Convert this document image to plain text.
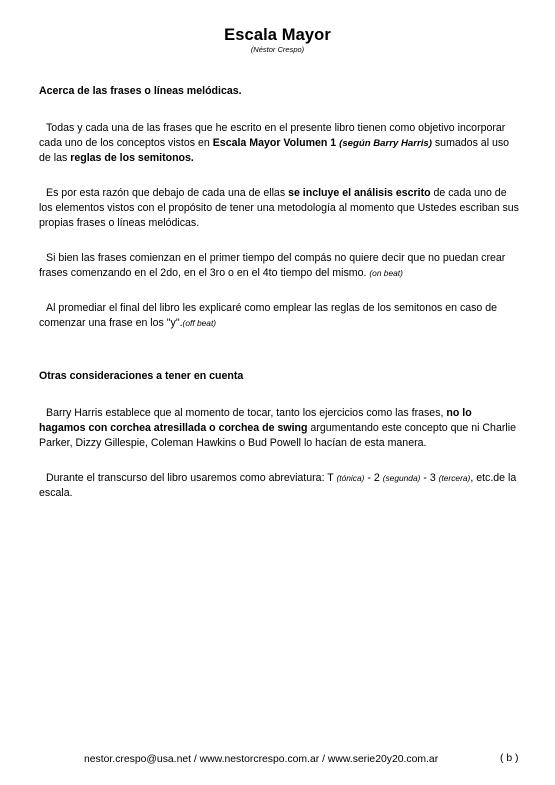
Escala Mayor
(Néstor Crespo)

Acerca de las frases o líneas melódicas.

Todas y cada una de las frases que he escrito en el presente libro tienen como objetivo incorporar cada uno de los conceptos vistos en Escala Mayor Volumen 1 (según Barry Harris) sumados al uso de las reglas de los semitonos.

Es por esta razón que debajo de cada una de ellas se incluye el análisis escrito de cada uno de los elementos vistos con el propósito de tener una metodología al momento que Ustedes escriban sus propias frases o líneas melódicas.

Si bien las frases comienzan en el primer tiempo del compás no quiere decir que no puedan crear frases comenzando en el 2do, en el 3ro o en el 4to tiempo del mismo. (on beat)

Al promediar el final del libro les explicaré como emplear las reglas de los semitonos en caso de comenzar una frase en los "y".(off beat)

Otras consideraciones a tener en cuenta

Barry Harris establece que al momento de tocar, tanto los ejercicios como las frases, no lo hagamos con corchea atresillada o corchea de swing argumentando este concepto que ni Charlie Parker, Dizzy Gillespie, Coleman Hawkins o Bud Powell lo hacían de esta manera.

Durante el transcurso del libro usaremos como abreviatura: T (tónica) - 2 (segunda) - 3 (tercera), etc.de la escala.

nestor.crespo@usa.net / www.nestorcrespo.com.ar / www.serie20y20.com.ar	( b )
